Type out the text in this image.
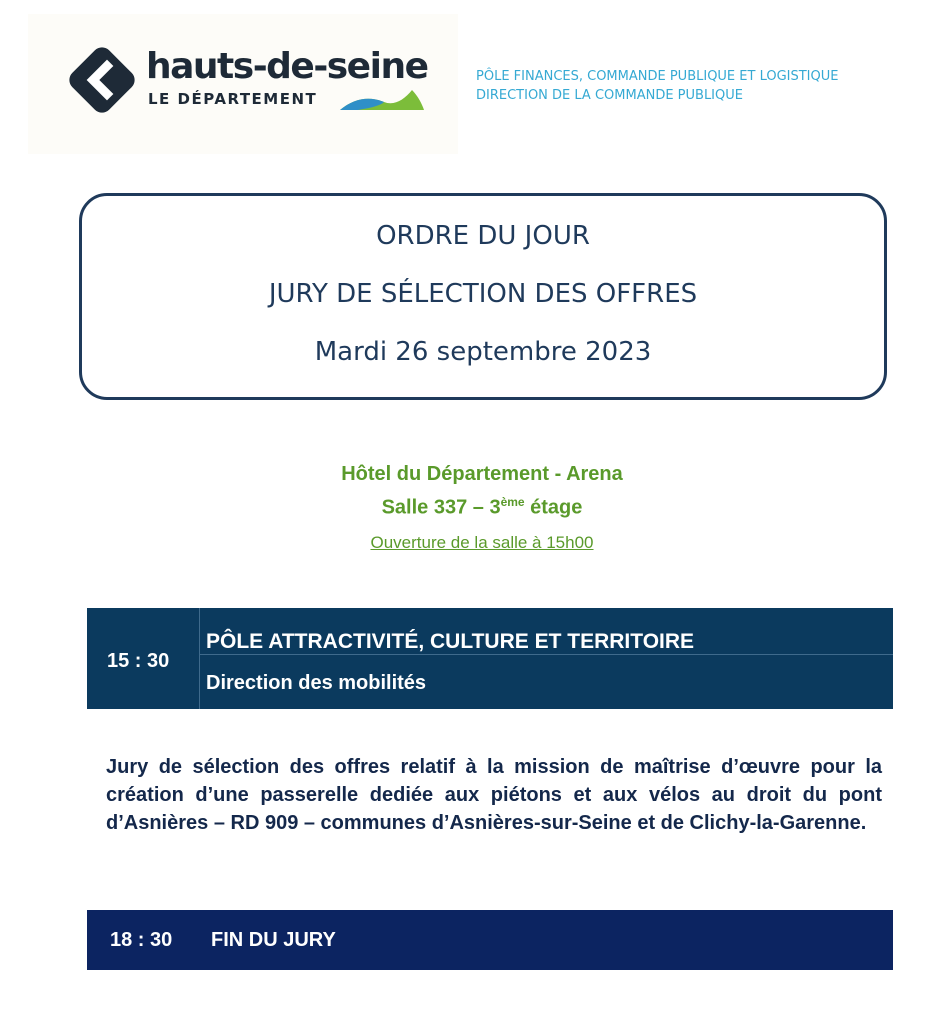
hauts-de-seine
LE DÉPARTEMENT
PÔLE FINANCES, COMMANDE PUBLIQUE ET LOGISTIQUE
DIRECTION DE LA COMMANDE PUBLIQUE
ORDRE DU JOUR
JURY DE SÉLECTION DES OFFRES
Mardi 26 septembre 2023
Hôtel du Département - Arena
Salle 337 – 3ème étage
Ouverture de la salle à 15h00
15 : 30
PÔLE ATTRACTIVITÉ, CULTURE ET TERRITOIRE
Direction des mobilités
Jury de sélection des offres relatif à la mission de maîtrise d’œuvre pour la création d’une passerelle dediée aux piétons et aux vélos au droit du pont d’Asnières – RD 909 – communes d’Asnières-sur-Seine et de Clichy-la-Garenne.
18 : 30 FIN DU JURY
